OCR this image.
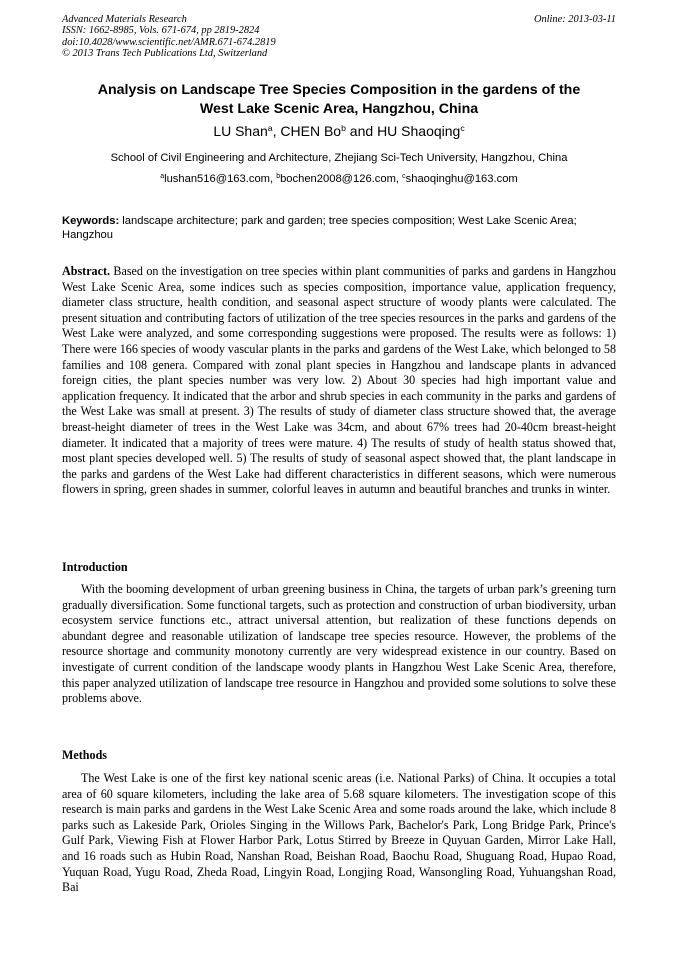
Advanced Materials Research
ISSN: 1662-8985, Vols. 671-674, pp 2819-2824
doi:10.4028/www.scientific.net/AMR.671-674.2819
© 2013 Trans Tech Publications Ltd, Switzerland
Online: 2013-03-11
Analysis on Landscape Tree Species Composition in the gardens of the
West Lake Scenic Area, Hangzhou, China
LU Shan$^a$, CHEN Bo$^b$ and HU Shaoqing$^c$
School of Civil Engineering and Architecture, Zhejiang Sci-Tech University, Hangzhou, China
$^a$lushan516@163.com, $^b$bochen2008@126.com, $^c$shaoqinghu@163.com
Keywords: landscape architecture; park and garden; tree species composition; West Lake Scenic Area; Hangzhou
Abstract. Based on the investigation on tree species within plant communities of parks and gardens in Hangzhou West Lake Scenic Area, some indices such as species composition, importance value, application frequency, diameter class structure, health condition, and seasonal aspect structure of woody plants were calculated. The present situation and contributing factors of utilization of the tree species resources in the parks and gardens of the West Lake were analyzed, and some corresponding suggestions were proposed. The results were as follows: 1) There were 166 species of woody vascular plants in the parks and gardens of the West Lake, which belonged to 58 families and 108 genera. Compared with zonal plant species in Hangzhou and landscape plants in advanced foreign cities, the plant species number was very low. 2) About 30 species had high important value and application frequency. It indicated that the arbor and shrub species in each community in the parks and gardens of the West Lake was small at present. 3) The results of study of diameter class structure showed that, the average breast-height diameter of trees in the West Lake was 34cm, and about 67% trees had 20-40cm breast-height diameter. It indicated that a majority of trees were mature. 4) The results of study of health status showed that, most plant species developed well. 5) The results of study of seasonal aspect showed that, the plant landscape in the parks and gardens of the West Lake had different characteristics in different seasons, which were numerous flowers in spring, green shades in summer, colorful leaves in autumn and beautiful branches and trunks in winter.
Introduction
With the booming development of urban greening business in China, the targets of urban park’s greening turn gradually diversification. Some functional targets, such as protection and construction of urban biodiversity, urban ecosystem service functions etc., attract universal attention, but realization of these functions depends on abundant degree and reasonable utilization of landscape tree species resource. However, the problems of the resource shortage and community monotony currently are very widespread existence in our country. Based on investigate of current condition of the landscape woody plants in Hangzhou West Lake Scenic Area, therefore, this paper analyzed utilization of landscape tree resource in Hangzhou and provided some solutions to solve these problems above.
Methods
The West Lake is one of the first key national scenic areas (i.e. National Parks) of China. It occupies a total area of 60 square kilometers, including the lake area of 5.68 square kilometers. The investigation scope of this research is main parks and gardens in the West Lake Scenic Area and some roads around the lake, which include 8 parks such as Lakeside Park, Orioles Singing in the Willows Park, Bachelor's Park, Long Bridge Park, Prince's Gulf Park, Viewing Fish at Flower Harbor Park, Lotus Stirred by Breeze in Quyuan Garden, Mirror Lake Hall, and 16 roads such as Hubin Road, Nanshan Road, Beishan Road, Baochu Road, Shuguang Road, Hupao Road, Yuquan Road, Yugu Road, Zheda Road, Lingyin Road, Longjing Road, Wansongling Road, Yuhuangshan Road, Bai
